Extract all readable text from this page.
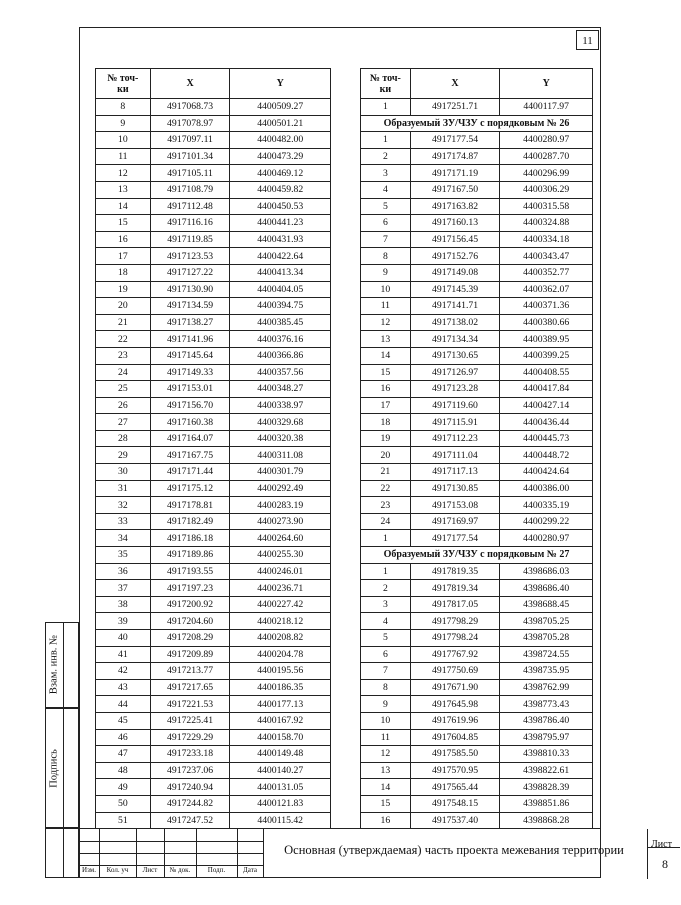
11
№ точ-
ки	X	Y
8	4917068.73	4400509.27
9	4917078.97	4400501.21
10	4917097.11	4400482.00
11	4917101.34	4400473.29
12	4917105.11	4400469.12
13	4917108.79	4400459.82
14	4917112.48	4400450.53
15	4917116.16	4400441.23
16	4917119.85	4400431.93
17	4917123.53	4400422.64
18	4917127.22	4400413.34
19	4917130.90	4400404.05
20	4917134.59	4400394.75
21	4917138.27	4400385.45
22	4917141.96	4400376.16
23	4917145.64	4400366.86
24	4917149.33	4400357.56
25	4917153.01	4400348.27
26	4917156.70	4400338.97
27	4917160.38	4400329.68
28	4917164.07	4400320.38
29	4917167.75	4400311.08
30	4917171.44	4400301.79
31	4917175.12	4400292.49
32	4917178.81	4400283.19
33	4917182.49	4400273.90
34	4917186.18	4400264.60
35	4917189.86	4400255.30
36	4917193.55	4400246.01
37	4917197.23	4400236.71
38	4917200.92	4400227.42
39	4917204.60	4400218.12
40	4917208.29	4400208.82
41	4917209.89	4400204.78
42	4917213.77	4400195.56
43	4917217.65	4400186.35
44	4917221.53	4400177.13
45	4917225.41	4400167.92
46	4917229.29	4400158.70
47	4917233.18	4400149.48
48	4917237.06	4400140.27
49	4917240.94	4400131.05
50	4917244.82	4400121.83
51	4917247.52	4400115.42
№ точ-
ки	X	Y
1	4917251.71	4400117.97
Образуемый ЗУ/ЧЗУ с порядковым № 26		
1	4917177.54	4400280.97
2	4917174.87	4400287.70
3	4917171.19	4400296.99
4	4917167.50	4400306.29
5	4917163.82	4400315.58
6	4917160.13	4400324.88
7	4917156.45	4400334.18
8	4917152.76	4400343.47
9	4917149.08	4400352.77
10	4917145.39	4400362.07
11	4917141.71	4400371.36
12	4917138.02	4400380.66
13	4917134.34	4400389.95
14	4917130.65	4400399.25
15	4917126.97	4400408.55
16	4917123.28	4400417.84
17	4917119.60	4400427.14
18	4917115.91	4400436.44
19	4917112.23	4400445.73
20	4917111.04	4400448.72
21	4917117.13	4400424.64
22	4917130.85	4400386.00
23	4917153.08	4400335.19
24	4917169.97	4400299.22
1	4917177.54	4400280.97
Образуемый ЗУ/ЧЗУ с порядковым № 27		
1	4917819.35	4398686.03
2	4917819.34	4398686.40
3	4917817.05	4398688.45
4	4917798.29	4398705.25
5	4917798.24	4398705.28
6	4917767.92	4398724.55
7	4917750.69	4398735.95
8	4917671.90	4398762.99
9	4917645.98	4398773.43
10	4917619.96	4398786.40
11	4917604.85	4398795.97
12	4917585.50	4398810.33
13	4917570.95	4398822.61
14	4917565.44	4398828.39
15	4917548.15	4398851.86
16	4917537.40	4398868.28
Взам. инв. №
Подпись
Изм.	Кол. уч	Лист	№ док.	Подп.	Дата
Основная (утверждаемая) часть проекта межевания территории	Лист
8
